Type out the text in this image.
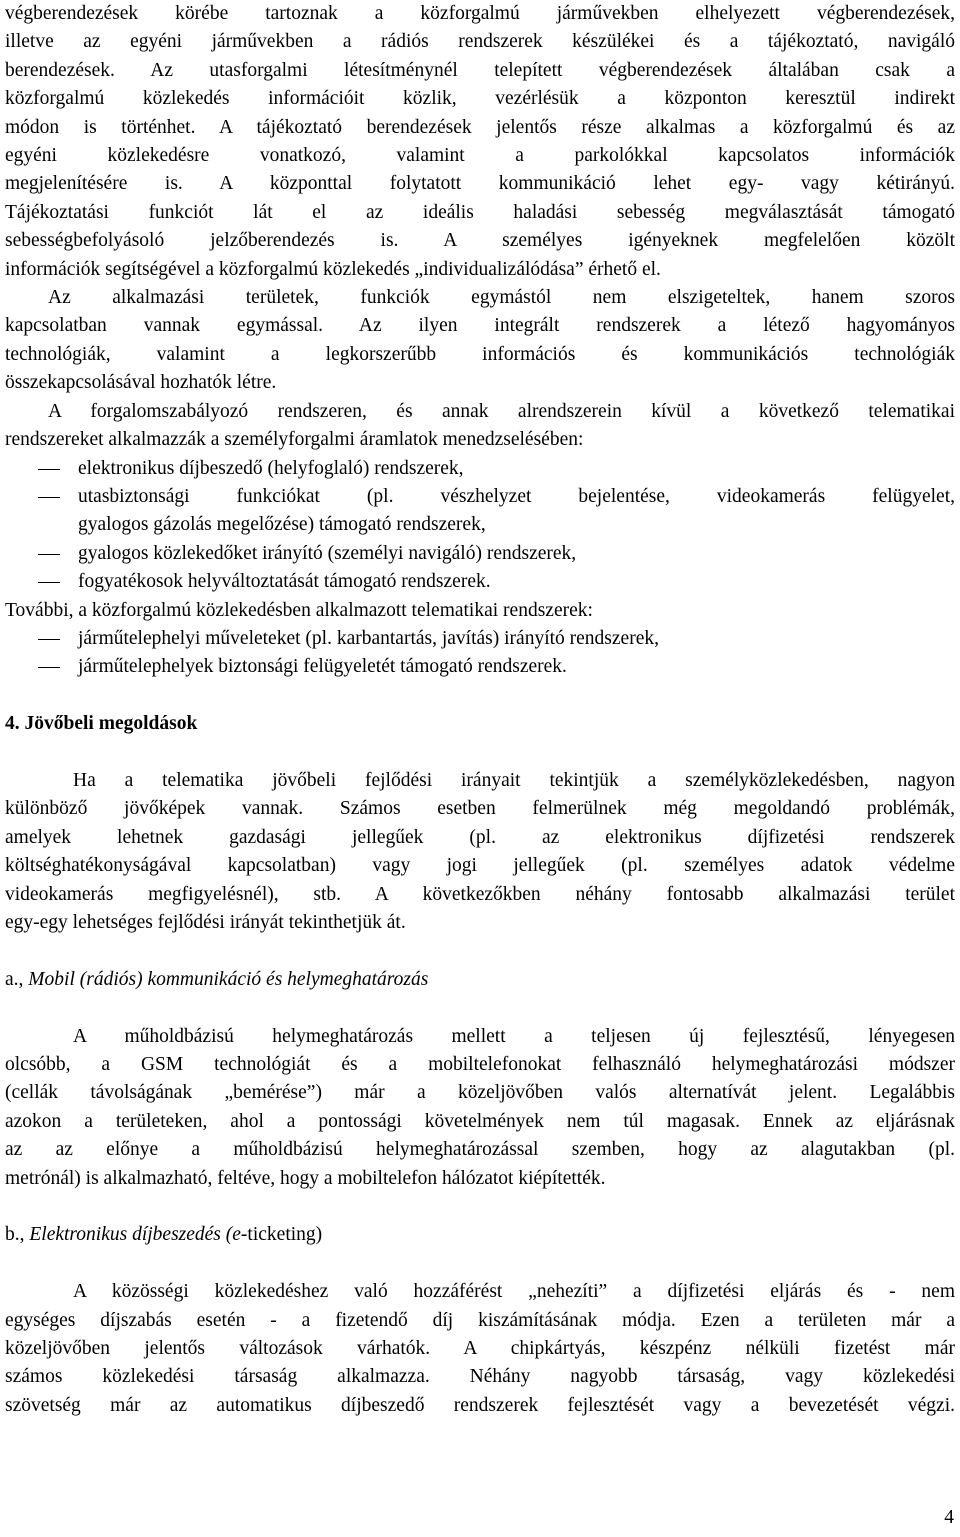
végberendezések körébe tartoznak a közforgalmú járművekben elhelyezett végberendezések,
illetve az egyéni járművekben a rádiós rendszerek készülékei és a tájékoztató, navigáló
berendezések. Az utasforgalmi létesítménynél telepített végberendezések általában csak a
közforgalmú közlekedés információit közlik, vezérlésük a központon keresztül indirekt
módon is történhet. A tájékoztató berendezések jelentős része alkalmas a közforgalmú és az
egyéni közlekedésre vonatkozó, valamint a parkolókkal kapcsolatos információk
megjelenítésére is. A központtal folytatott kommunikáció lehet egy- vagy kétirányú.
Tájékoztatási funkciót lát el az ideális haladási sebesség megválasztását támogató
sebességbefolyásoló jelzőberendezés is. A személyes igényeknek megfelelően közölt
információk segítségével a közforgalmú közlekedés „individualizálódása” érhető el.
Az alkalmazási területek, funkciók egymástól nem elszigeteltek, hanem szoros
kapcsolatban vannak egymással. Az ilyen integrált rendszerek a létező hagyományos
technológiák, valamint a legkorszerűbb információs és kommunikációs technológiák
összekapcsolásával hozhatók létre.
A forgalomszabályozó rendszeren, és annak alrendszerein kívül a következő telematikai
rendszereket alkalmazzák a személyforgalmi áramlatok menedzselésében:
elektronikus díjbeszedő (helyfoglaló) rendszerek,
utasbiztonsági funkciókat (pl. vészhelyzet bejelentése, videokamerás felügyelet,
gyalogos gázolás megelőzése) támogató rendszerek,
gyalogos közlekedőket irányító (személyi navigáló) rendszerek,
fogyatékosok helyváltoztatását támogató rendszerek.
További, a közforgalmú közlekedésben alkalmazott telematikai rendszerek:
járműtelephelyi műveleteket (pl. karbantartás, javítás) irányító rendszerek,
járműtelephelyek biztonsági felügyeletét támogató rendszerek.
4. Jövőbeli megoldások
Ha a telematika jövőbeli fejlődési irányait tekintjük a személyközlekedésben, nagyon
különböző jövőképek vannak. Számos esetben felmerülnek még megoldandó problémák,
amelyek lehetnek gazdasági jellegűek (pl. az elektronikus díjfizetési rendszerek
költséghatékonyságával kapcsolatban) vagy jogi jellegűek (pl. személyes adatok védelme
videokamerás megfigyelésnél), stb. A következőkben néhány fontosabb alkalmazási terület
egy-egy lehetséges fejlődési irányát tekinthetjük át.
a., Mobil (rádiós) kommunikáció és helymeghatározás
A műholdbázisú helymeghatározás mellett a teljesen új fejlesztésű, lényegesen
olcsóbb, a GSM technológiát és a mobiltelefonokat felhasználó helymeghatározási módszer
(cellák távolságának „bemérése”) már a közeljövőben valós alternatívát jelent. Legalábbis
azokon a területeken, ahol a pontossági követelmények nem túl magasak. Ennek az eljárásnak
az az előnye a műholdbázisú helymeghatározással szemben, hogy az alagutakban (pl.
metrónál) is alkalmazható, feltéve, hogy a mobiltelefon hálózatot kiépítették.
b., Elektronikus díjbeszedés (e-ticketing)
A közösségi közlekedéshez való hozzáférést „nehezíti” a díjfizetési eljárás és - nem
egységes díjszabás esetén - a fizetendő díj kiszámításának módja. Ezen a területen már a
közeljövőben jelentős változások várhatók. A chipkártyás, készpénz nélküli fizetést már
számos közlekedési társaság alkalmazza. Néhány nagyobb társaság, vagy közlekedési
szövetség már az automatikus díjbeszedő rendszerek fejlesztését vagy a bevezetését végzi.
4
